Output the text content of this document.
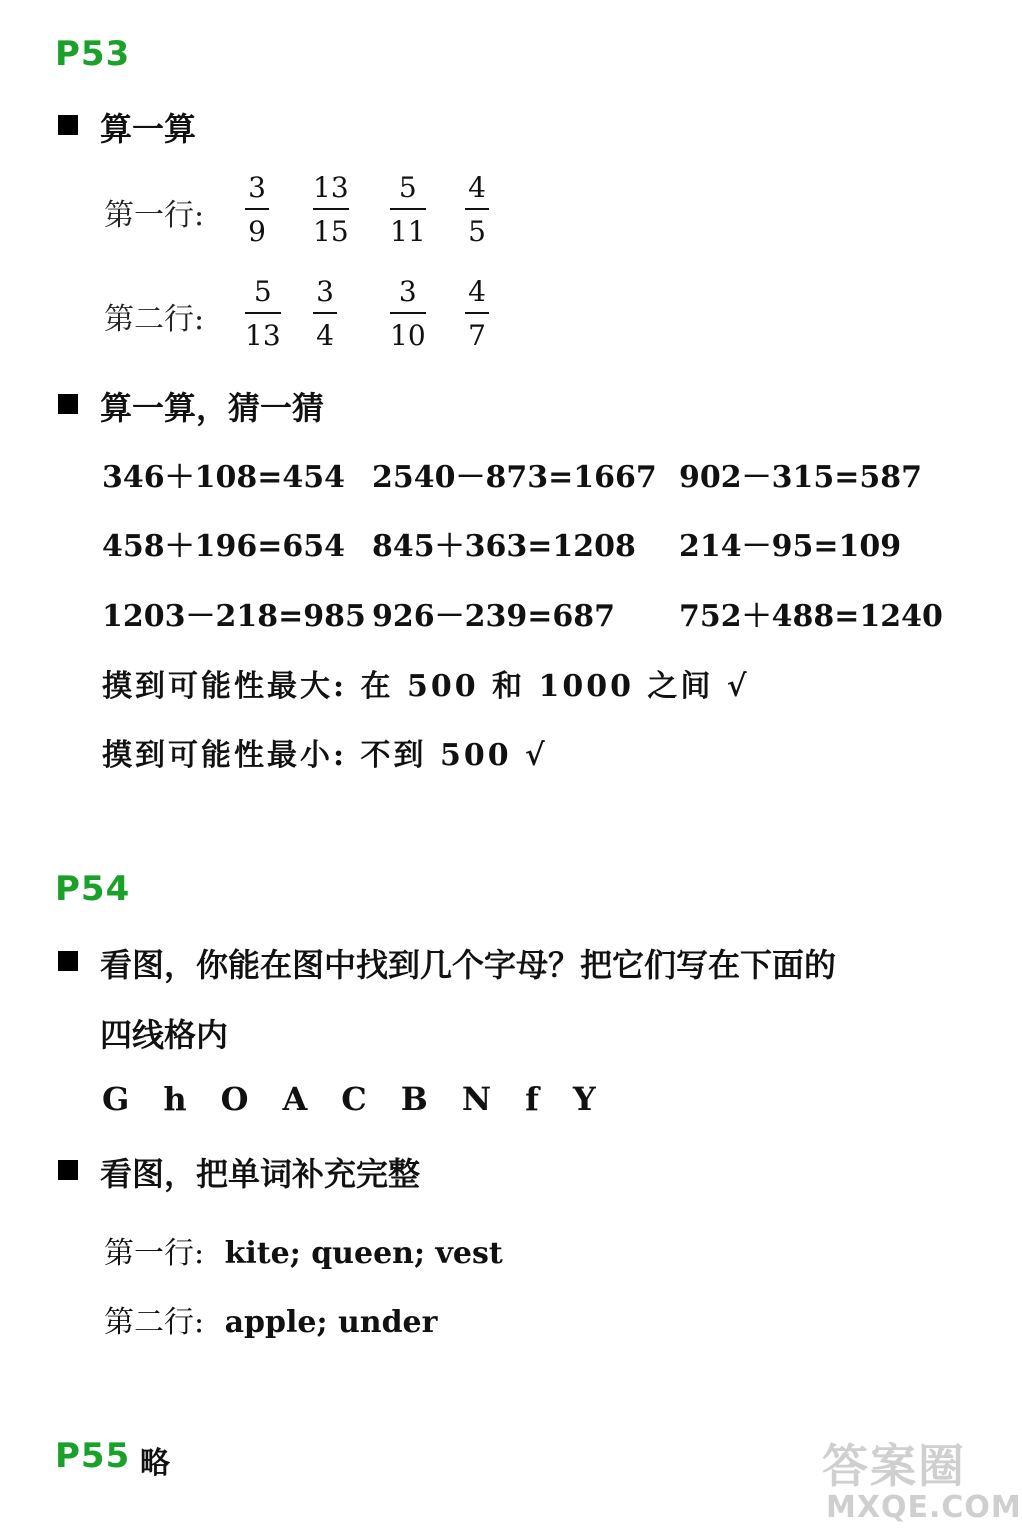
P53
算一算
第一行:
3
9
13
15
5
11
4
5
第二行:
5
13
3
4
3
10
4
7
算一算，猜一猜
346＋108=454 2540－873=1667 902－315=587
458＋196=654 845＋363=1208 214－95=109
1203－218=985 926－239=687 752＋488=1240
摸到可能性最大: 在 500 和 1000 之间 √
摸到可能性最小: 不到 500 √
P54
看图，你能在图中找到几个字母？把它们写在下面的
四线格内
G h O A C B N f Y
看图，把单词补充完整
第一行: kite; queen; vest
第二行: apple; under
P55 略	答案圈
MXQE.COM
